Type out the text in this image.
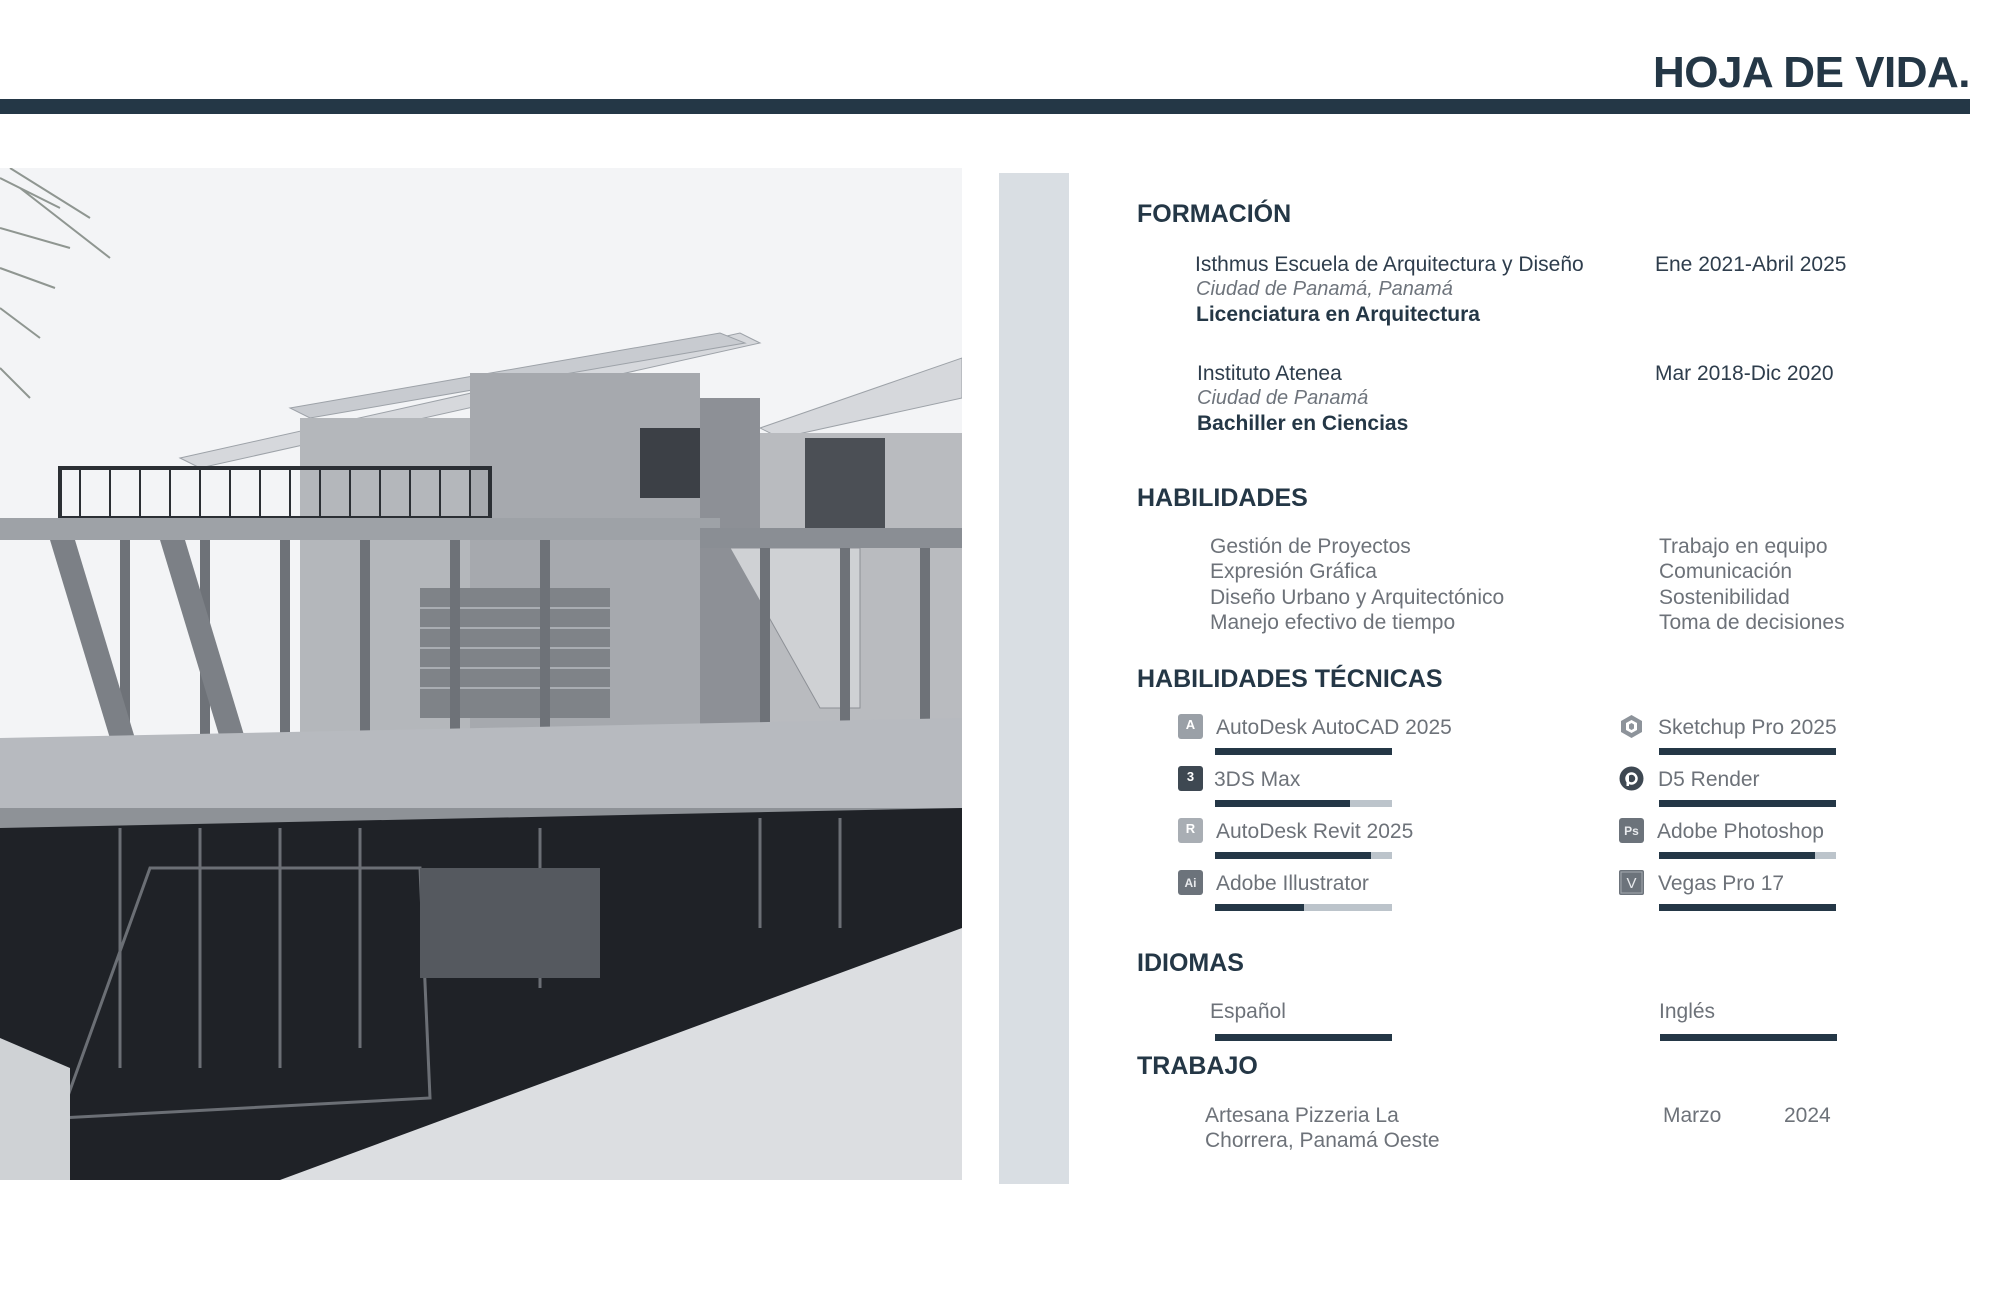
HOJA DE VIDA.
FORMACIÓN
Isthmus Escuela de Arquitectura y Diseño
Ciudad de Panamá, Panamá
Licenciatura en Arquitectura
Ene 2021-Abril 2025
Instituto Atenea
Ciudad de Panamá
Bachiller en Ciencias
Mar 2018-Dic 2020
HABILIDADES
Gestión de Proyectos
Expresión Gráfica
Diseño Urbano y Arquitectónico
Manejo efectivo de tiempo
Trabajo en equipo
Comunicación
Sostenibilidad
Toma de decisiones
HABILIDADES TÉCNICAS
A AutoDesk AutoCAD 2025
3 3DS Max
R AutoDesk Revit 2025
Ai Adobe Illustrator
Sketchup Pro 2025
D5 Render
Ps Adobe Photoshop
V Vegas Pro 17
IDIOMAS
Español	Inglés
TRABAJO
Artesana Pizzeria La
Chorrera, Panamá Oeste
Marzo	2024
